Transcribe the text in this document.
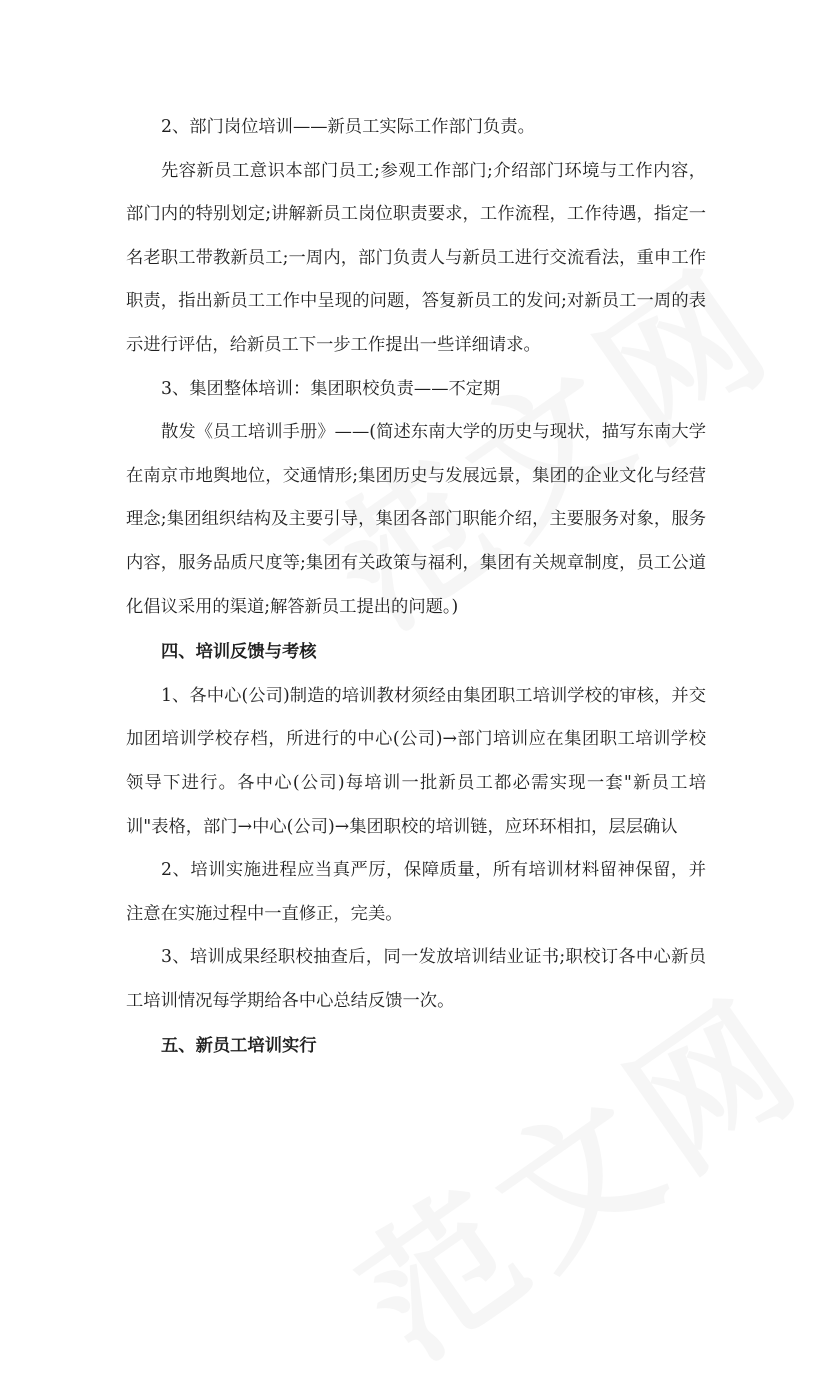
2、部门岗位培训——新员工实际工作部门负责。

先容新员工意识本部门员工;参观工作部门;介绍部门环境与工作内容，部门内的特别划定;讲解新员工岗位职责要求，工作流程，工作待遇，指定一名老职工带教新员工;一周内，部门负责人与新员工进行交流看法，重申工作职责，指出新员工工作中呈现的问题，答复新员工的发问;对新员工一周的表示进行评估，给新员工下一步工作提出一些详细请求。

3、集团整体培训：集团职校负责——不定期

散发《员工培训手册》——(简述东南大学的历史与现状，描写东南大学在南京市地舆地位，交通情形;集团历史与发展远景，集团的企业文化与经营理念;集团组织结构及主要引导，集团各部门职能介绍，主要服务对象，服务内容，服务品质尺度等;集团有关政策与福利，集团有关规章制度，员工公道化倡议采用的渠道;解答新员工提出的问题。)

四、培训反馈与考核

1、各中心(公司)制造的培训教材须经由集团职工培训学校的审核，并交加团培训学校存档，所进行的中心(公司)→部门培训应在集团职工培训学校领导下进行。各中心(公司)每培训一批新员工都必需实现一套"新员工培训"表格，部门→中心(公司)→集团职校的培训链，应环环相扣，层层确认

2、培训实施进程应当真严厉，保障质量，所有培训材料留神保留，并注意在实施过程中一直修正，完美。

3、培训成果经职校抽查后，同一发放培训结业证书;职校订各中心新员工培训情况每学期给各中心总结反馈一次。

五、新员工培训实行
